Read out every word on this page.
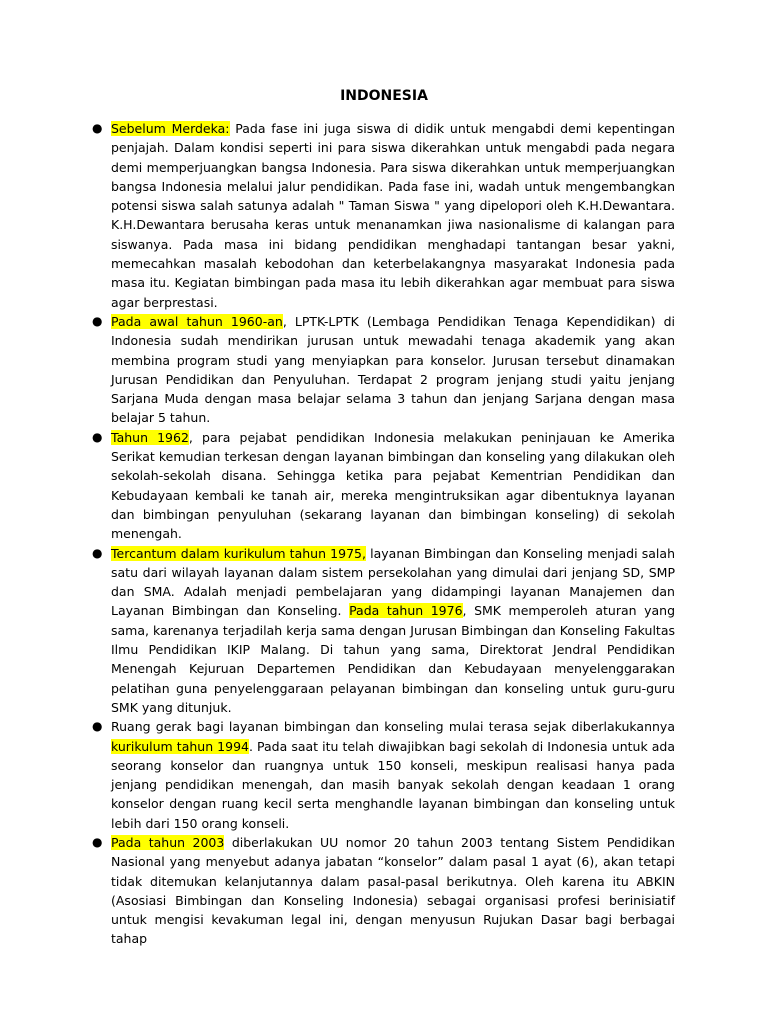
INDONESIA
● Sebelum Merdeka: Pada fase ini juga siswa di didik untuk mengabdi demi kepentingan penjajah. Dalam kondisi seperti ini para siswa dikerahkan untuk mengabdi pada negara demi memperjuangkan bangsa Indonesia. Para siswa dikerahkan untuk memperjuangkan bangsa Indonesia melalui jalur pendidikan. Pada fase ini, wadah untuk mengembangkan potensi siswa salah satunya adalah " Taman Siswa " yang dipelopori oleh K.H.Dewantara. K.H.Dewantara berusaha keras untuk menanamkan jiwa nasionalisme di kalangan para siswanya. Pada masa ini bidang pendidikan menghadapi tantangan besar yakni, memecahkan masalah kebodohan dan keterbelakangnya masyarakat Indonesia pada masa itu. Kegiatan bimbingan pada masa itu lebih dikerahkan agar membuat para siswa agar berprestasi.
● Pada awal tahun 1960-an, LPTK-LPTK (Lembaga Pendidikan Tenaga Kependidikan) di Indonesia sudah mendirikan jurusan untuk mewadahi tenaga akademik yang akan membina program studi yang menyiapkan para konselor. Jurusan tersebut dinamakan Jurusan Pendidikan dan Penyuluhan. Terdapat 2 program jenjang studi yaitu jenjang Sarjana Muda dengan masa belajar selama 3 tahun dan jenjang Sarjana dengan masa belajar 5 tahun.
● Tahun 1962, para pejabat pendidikan Indonesia melakukan peninjauan ke Amerika Serikat kemudian terkesan dengan layanan bimbingan dan konseling yang dilakukan oleh sekolah-sekolah disana. Sehingga ketika para pejabat Kementrian Pendidikan dan Kebudayaan kembali ke tanah air, mereka mengintruksikan agar dibentuknya layanan dan bimbingan penyuluhan (sekarang layanan dan bimbingan konseling) di sekolah menengah.
● Tercantum dalam kurikulum tahun 1975, layanan Bimbingan dan Konseling menjadi salah satu dari wilayah layanan dalam sistem persekolahan yang dimulai dari jenjang SD, SMP dan SMA. Adalah menjadi pembelajaran yang didampingi layanan Manajemen dan Layanan Bimbingan dan Konseling. Pada tahun 1976, SMK memperoleh aturan yang sama, karenanya terjadilah kerja sama dengan Jurusan Bimbingan dan Konseling Fakultas Ilmu Pendidikan IKIP Malang. Di tahun yang sama, Direktorat Jendral Pendidikan Menengah Kejuruan Departemen Pendidikan dan Kebudayaan menyelenggarakan pelatihan guna penyelenggaraan pelayanan bimbingan dan konseling untuk guru-guru SMK yang ditunjuk.
● Ruang gerak bagi layanan bimbingan dan konseling mulai terasa sejak diberlakukannya kurikulum tahun 1994. Pada saat itu telah diwajibkan bagi sekolah di Indonesia untuk ada seorang konselor dan ruangnya untuk 150 konseli, meskipun realisasi hanya pada jenjang pendidikan menengah, dan masih banyak sekolah dengan keadaan 1 orang konselor dengan ruang kecil serta menghandle layanan bimbingan dan konseling untuk lebih dari 150 orang konseli.
● Pada tahun 2003 diberlakukan UU nomor 20 tahun 2003 tentang Sistem Pendidikan Nasional yang menyebut adanya jabatan “konselor” dalam pasal 1 ayat (6), akan tetapi tidak ditemukan kelanjutannya dalam pasal-pasal berikutnya. Oleh karena itu ABKIN (Asosiasi Bimbingan dan Konseling Indonesia) sebagai organisasi profesi berinisiatif untuk mengisi kevakuman legal ini, dengan menyusun Rujukan Dasar bagi berbagai tahap
